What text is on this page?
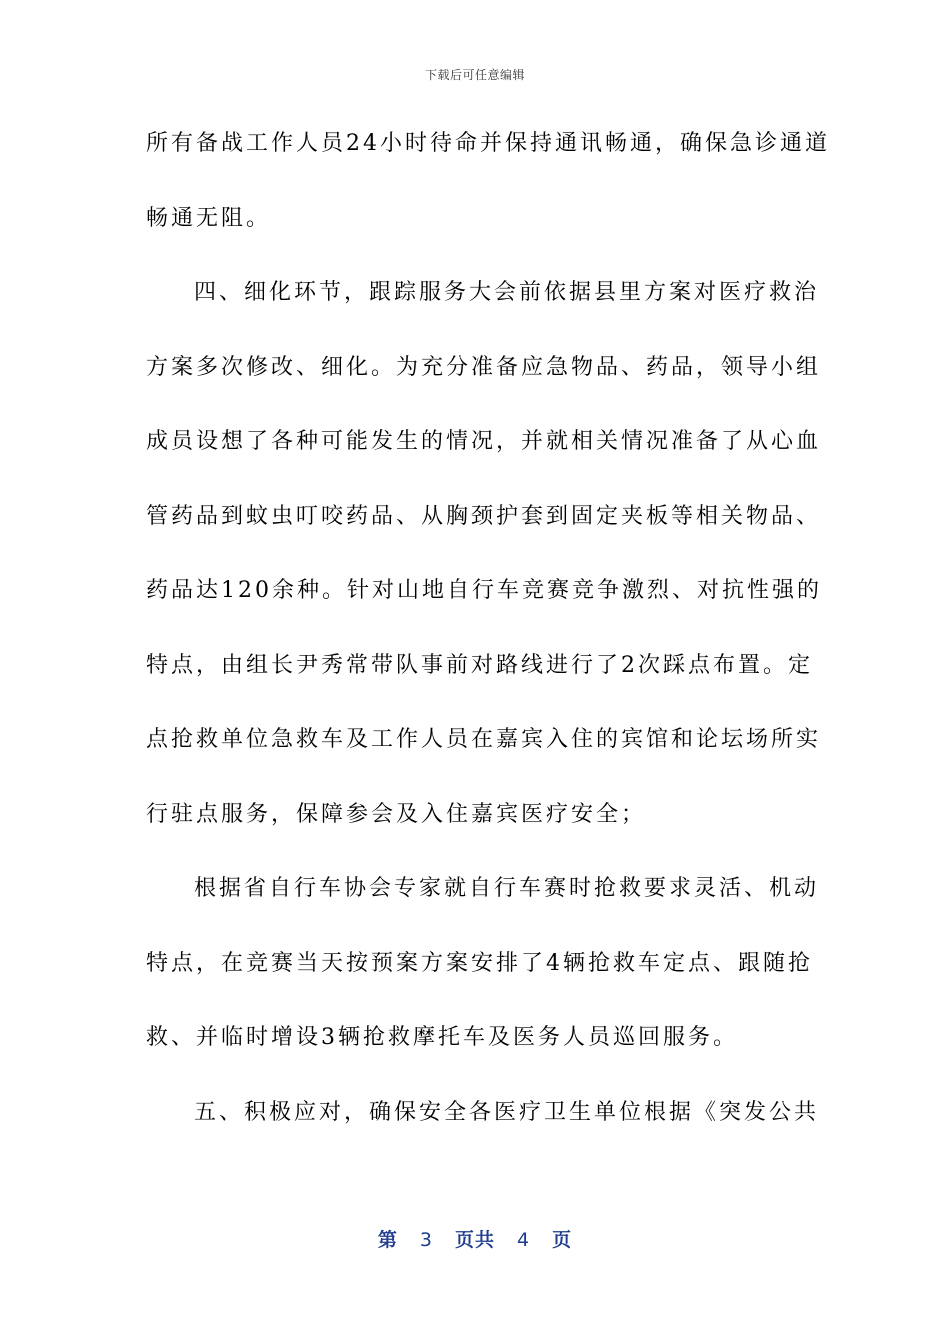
下载后可任意编辑
所有备战工作人员24小时待命并保持通讯畅通，确保急诊通道
畅通无阻。
四、细化环节，跟踪服务大会前依据县里方案对医疗救治
方案多次修改、细化。为充分准备应急物品、药品，领导小组
成员设想了各种可能发生的情况，并就相关情况准备了从心血
管药品到蚊虫叮咬药品、从胸颈护套到固定夹板等相关物品、
药品达120余种。针对山地自行车竞赛竞争激烈、对抗性强的
特点，由组长尹秀常带队事前对路线进行了2次踩点布置。定
点抢救单位急救车及工作人员在嘉宾入住的宾馆和论坛场所实
行驻点服务，保障参会及入住嘉宾医疗安全；
根据省自行车协会专家就自行车赛时抢救要求灵活、机动
特点，在竞赛当天按预案方案安排了4辆抢救车定点、跟随抢
救、并临时增设3辆抢救摩托车及医务人员巡回服务。
五、积极应对，确保安全各医疗卫生单位根据《突发公共
第 3 页共 4 页
